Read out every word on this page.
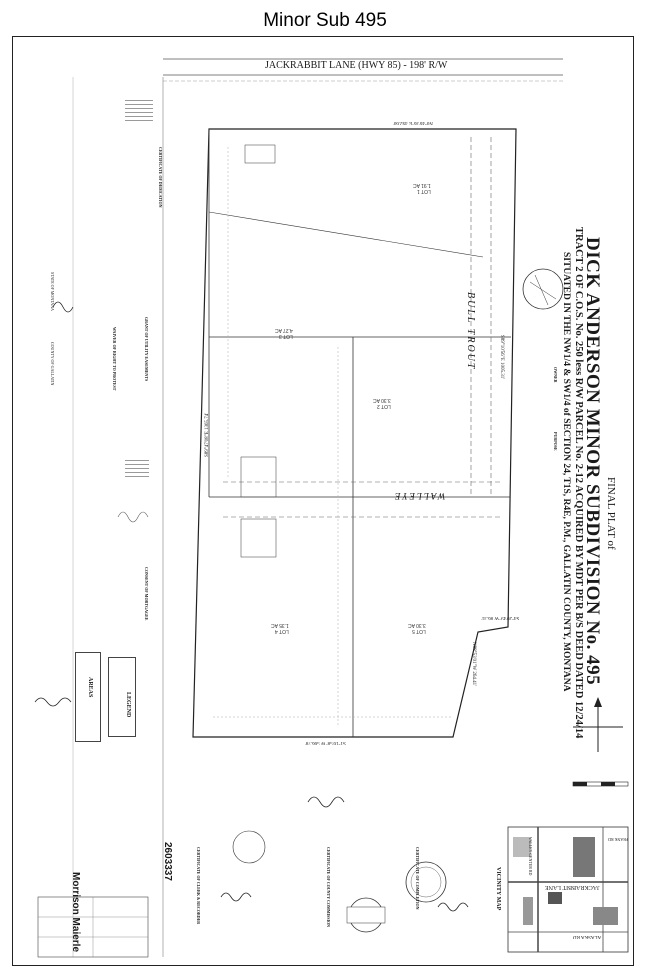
Minor Sub 495
FINAL PLAT of
DICK ANDERSON MINOR SUBDIVISION No. 495
TRACT 2 OF C.O.S. No. 250 less R/W PARCEL No. 2-12 ACQUIRED BY MDT PER B/S DEED DATED 12/24/14
SITUATED IN THE NW1/4 & SW1/4 of SECTION 24, T1S, R4E, P.M., GALLATIN COUNTY, MONTANA
JACKRABBIT LANE (HWY 85) - 198' R/W
BULL TROUT
WALLEYE
LOT 1
1.91 AC
LOT 2
3.30 AC
LOT 3
4.27 AC
LOT 4
1.35 AC
LOT 5
3.30 AC
N0°46'36"E 492.60'
S89°10'56"E 1005.31'
S89°47'08"E 1365.74'
S1°16'58"W 566.78'
N88°53'01"W 264.41'
S4°20'49"W 86.31'
OWNER
PURPOSE
VICINITY MAP	JACKRABBIT LANE
VALLEY CENTER RD	FRANK RD
ALASKA RD
CERTIFICATE OF DEDICATION
GRANT OF UTILITY EASEMENTS
WAIVER OF RIGHT TO PROTEST
CONSENT OF MORTGAGEE
LEGEND
AREAS
STATE OF MONTANA
COUNTY OF GALLATIN
CERTIFICATE OF COMPLETION
CERTIFICATE OF COUNTY COMMISSION
CERTIFICATE OF CLERK & RECORDER
2603337
Morrison Maierle
